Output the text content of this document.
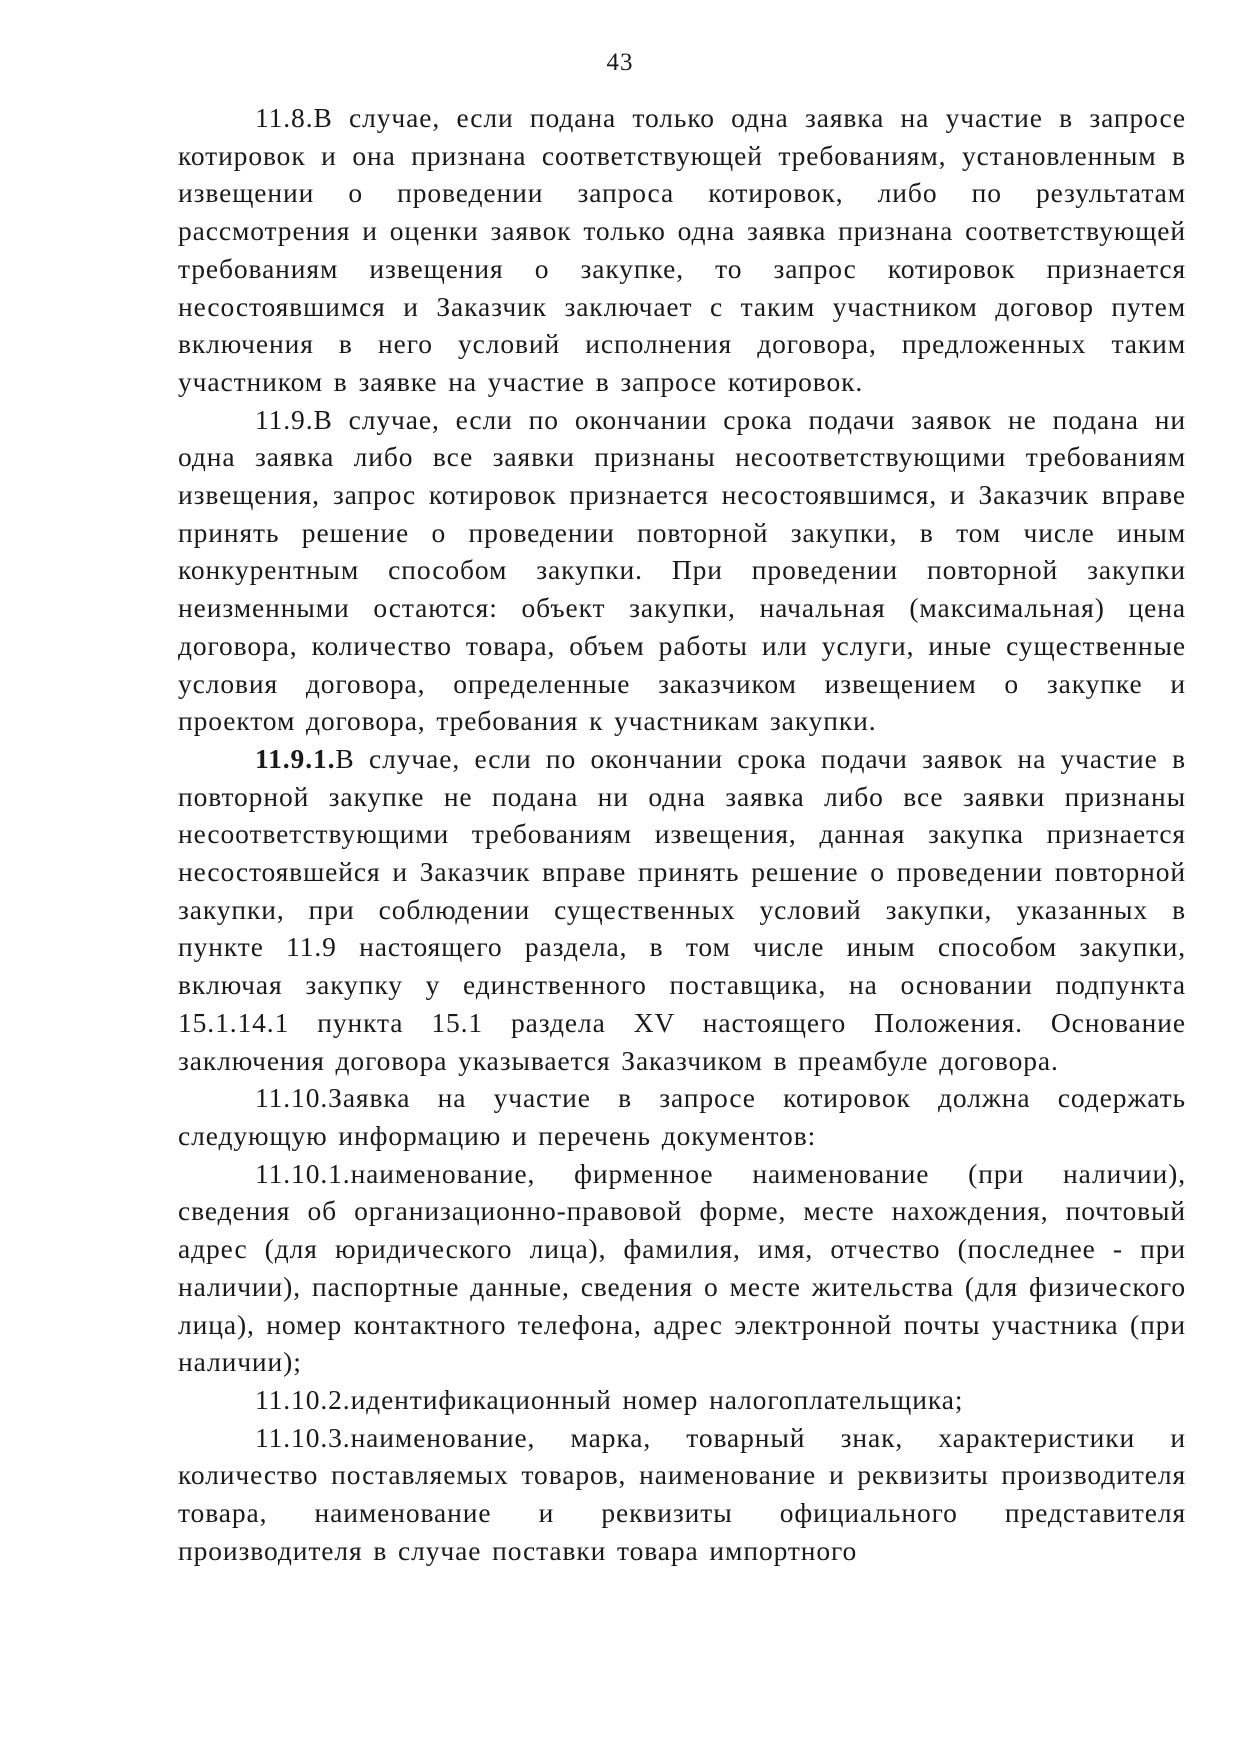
43

11.8.В случае, если подана только одна заявка на участие в запросе котировок и она признана соответствующей требованиям, установленным в извещении о проведении запроса котировок, либо по результатам рассмотрения и оценки заявок только одна заявка признана соответствующей требованиям извещения о закупке, то запрос котировок признается несостоявшимся и Заказчик заключает с таким участником договор путем включения в него условий исполнения договора, предложенных таким участником в заявке на участие в запросе котировок.

11.9.В случае, если по окончании срока подачи заявок не подана ни одна заявка либо все заявки признаны несоответствующими требованиям извещения, запрос котировок признается несостоявшимся, и Заказчик вправе принять решение о проведении повторной закупки, в том числе иным конкурентным способом закупки. При проведении повторной закупки неизменными остаются: объект закупки, начальная (максимальная) цена договора, количество товара, объем работы или услуги, иные существенные условия договора, определенные заказчиком извещением о закупке и проектом договора, требования к участникам закупки.

11.9.1.В случае, если по окончании срока подачи заявок на участие в повторной закупке не подана ни одна заявка либо все заявки признаны несоответствующими требованиям извещения, данная закупка признается несостоявшейся и Заказчик вправе принять решение о проведении повторной закупки, при соблюдении существенных условий закупки, указанных в пункте 11.9 настоящего раздела, в том числе иным способом закупки, включая закупку у единственного поставщика, на основании подпункта 15.1.14.1 пункта 15.1 раздела XV настоящего Положения. Основание заключения договора указывается Заказчиком в преамбуле договора.

11.10.Заявка на участие в запросе котировок должна содержать следующую информацию и перечень документов:

11.10.1.наименование, фирменное наименование (при наличии), сведения об организационно-правовой форме, месте нахождения, почтовый адрес (для юридического лица), фамилия, имя, отчество (последнее - при наличии), паспортные данные, сведения о месте жительства (для физического лица), номер контактного телефона, адрес электронной почты участника (при наличии);

11.10.2.идентификационный номер налогоплательщика;

11.10.3.наименование, марка, товарный знак, характеристики и количество поставляемых товаров, наименование и реквизиты производителя товара, наименование и реквизиты официального представителя производителя в случае поставки товара импортного
